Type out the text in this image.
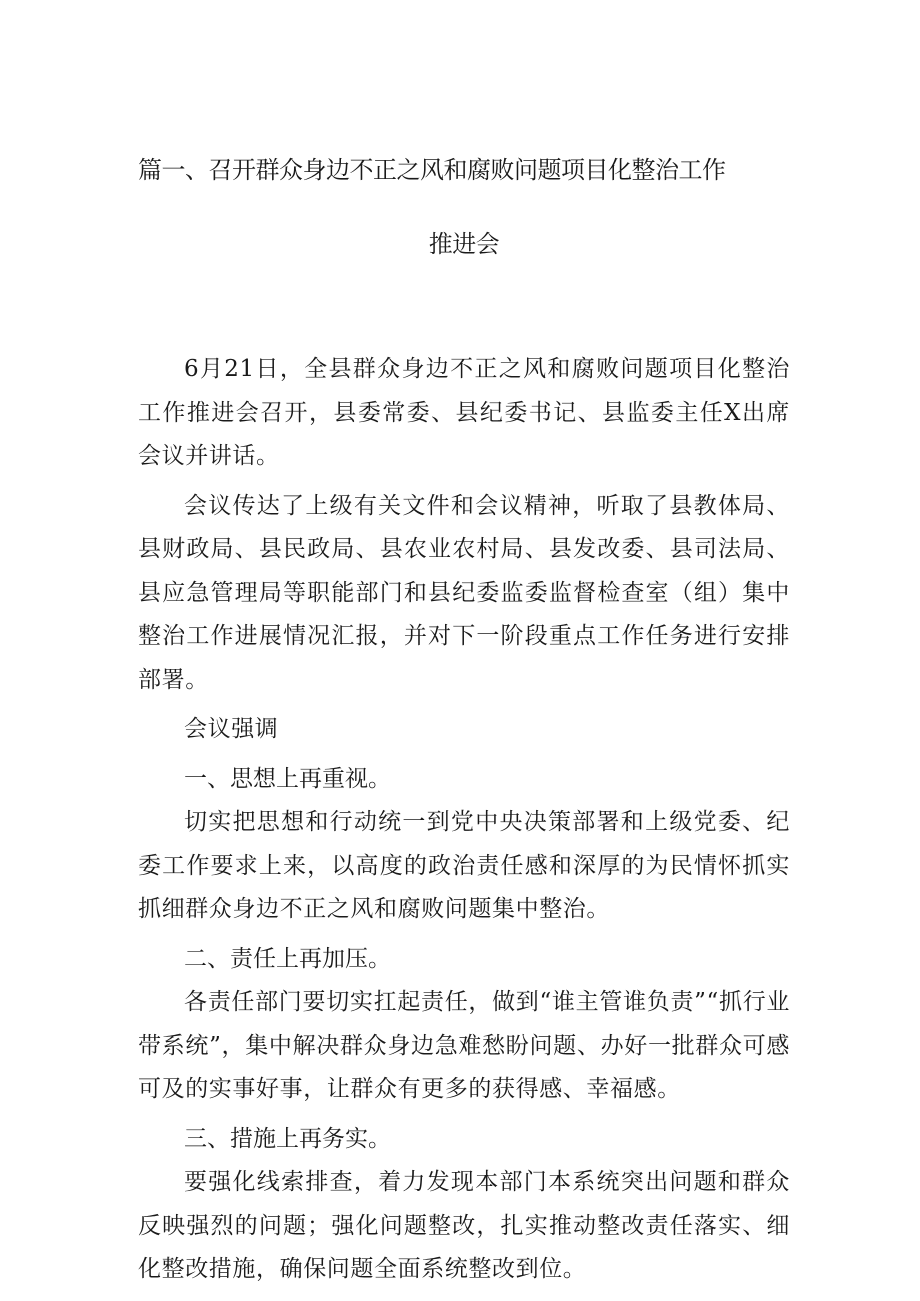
篇一、召开群众身边不正之风和腐败问题项目化整治工作
推进会

6月21日，全县群众身边不正之风和腐败问题项目化整治工作推进会召开，县委常委、县纪委书记、县监委主任X出席会议并讲话。

会议传达了上级有关文件和会议精神，听取了县教体局、县财政局、县民政局、县农业农村局、县发改委、县司法局、县应急管理局等职能部门和县纪委监委监督检查室（组）集中整治工作进展情况汇报，并对下一阶段重点工作任务进行安排部署。

会议强调

一、思想上再重视。

切实把思想和行动统一到党中央决策部署和上级党委、纪委工作要求上来，以高度的政治责任感和深厚的为民情怀抓实抓细群众身边不正之风和腐败问题集中整治。

二、责任上再加压。

各责任部门要切实扛起责任，做到“谁主管谁负责”“抓行业带系统”，集中解决群众身边急难愁盼问题、办好一批群众可感可及的实事好事，让群众有更多的获得感、幸福感。

三、措施上再务实。

要强化线索排查，着力发现本部门本系统突出问题和群众反映强烈的问题；强化问题整改，扎实推动整改责任落实、细化整改措施，确保问题全面系统整改到位。
